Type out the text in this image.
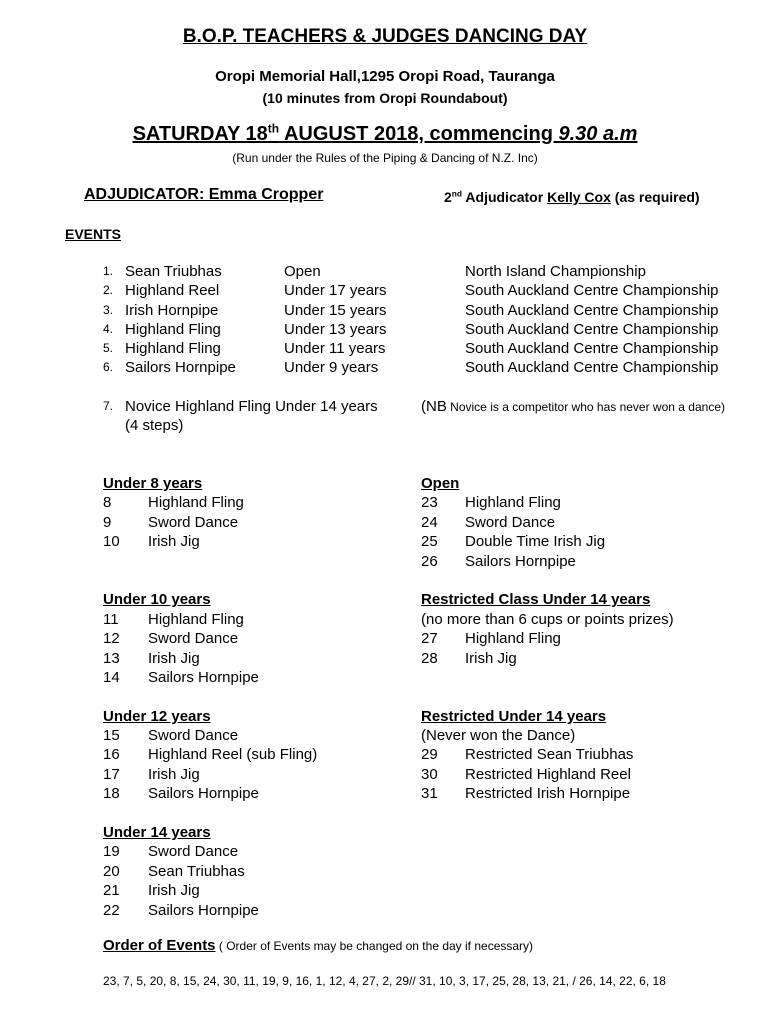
B.O.P. TEACHERS & JUDGES DANCING DAY
Oropi Memorial Hall,1295 Oropi Road, Tauranga
(10 minutes from Oropi Roundabout)
SATURDAY 18th AUGUST 2018, commencing 9.30 a.m
(Run under the Rules of the Piping & Dancing of N.Z. Inc)
ADJUDICATOR: Emma Cropper	2nd Adjudicator Kelly Cox (as required)
EVENTS
1. Sean Triubhas	Open	North Island Championship
2. Highland Reel	Under 17 years	South Auckland Centre Championship
3. Irish Hornpipe	Under 15 years	South Auckland Centre Championship
4. Highland Fling	Under 13 years	South Auckland Centre Championship
5. Highland Fling	Under 11 years	South Auckland Centre Championship
6. Sailors Hornpipe	Under 9 years	South Auckland Centre Championship
7. Novice Highland Fling Under 14 years	(NB Novice is a competitor who has never won a dance)
(4 steps)
Under 8 years
8 Highland Fling
9 Sword Dance
10 Irish Jig
Under 10 years
11 Highland Fling
12 Sword Dance
13 Irish Jig
14 Sailors Hornpipe
Under 12 years
15 Sword Dance
16 Highland Reel (sub Fling)
17 Irish Jig
18 Sailors Hornpipe
Under 14 years
19 Sword Dance
20 Sean Triubhas
21 Irish Jig
22 Sailors Hornpipe
Open
23 Highland Fling
24 Sword Dance
25 Double Time Irish Jig
26 Sailors Hornpipe
Restricted Class Under 14 years
(no more than 6 cups or points prizes)
27 Highland Fling
28 Irish Jig
Restricted Under 14 years
(Never won the Dance)
29 Restricted Sean Triubhas
30 Restricted Highland Reel
31 Restricted Irish Hornpipe
Order of Events ( Order of Events may be changed on the day if necessary)
23, 7, 5, 20, 8, 15, 24, 30, 11, 19, 9, 16, 1, 12, 4, 27, 2, 29// 31, 10, 3, 17, 25, 28, 13, 21, / 26, 14, 22, 6, 18
